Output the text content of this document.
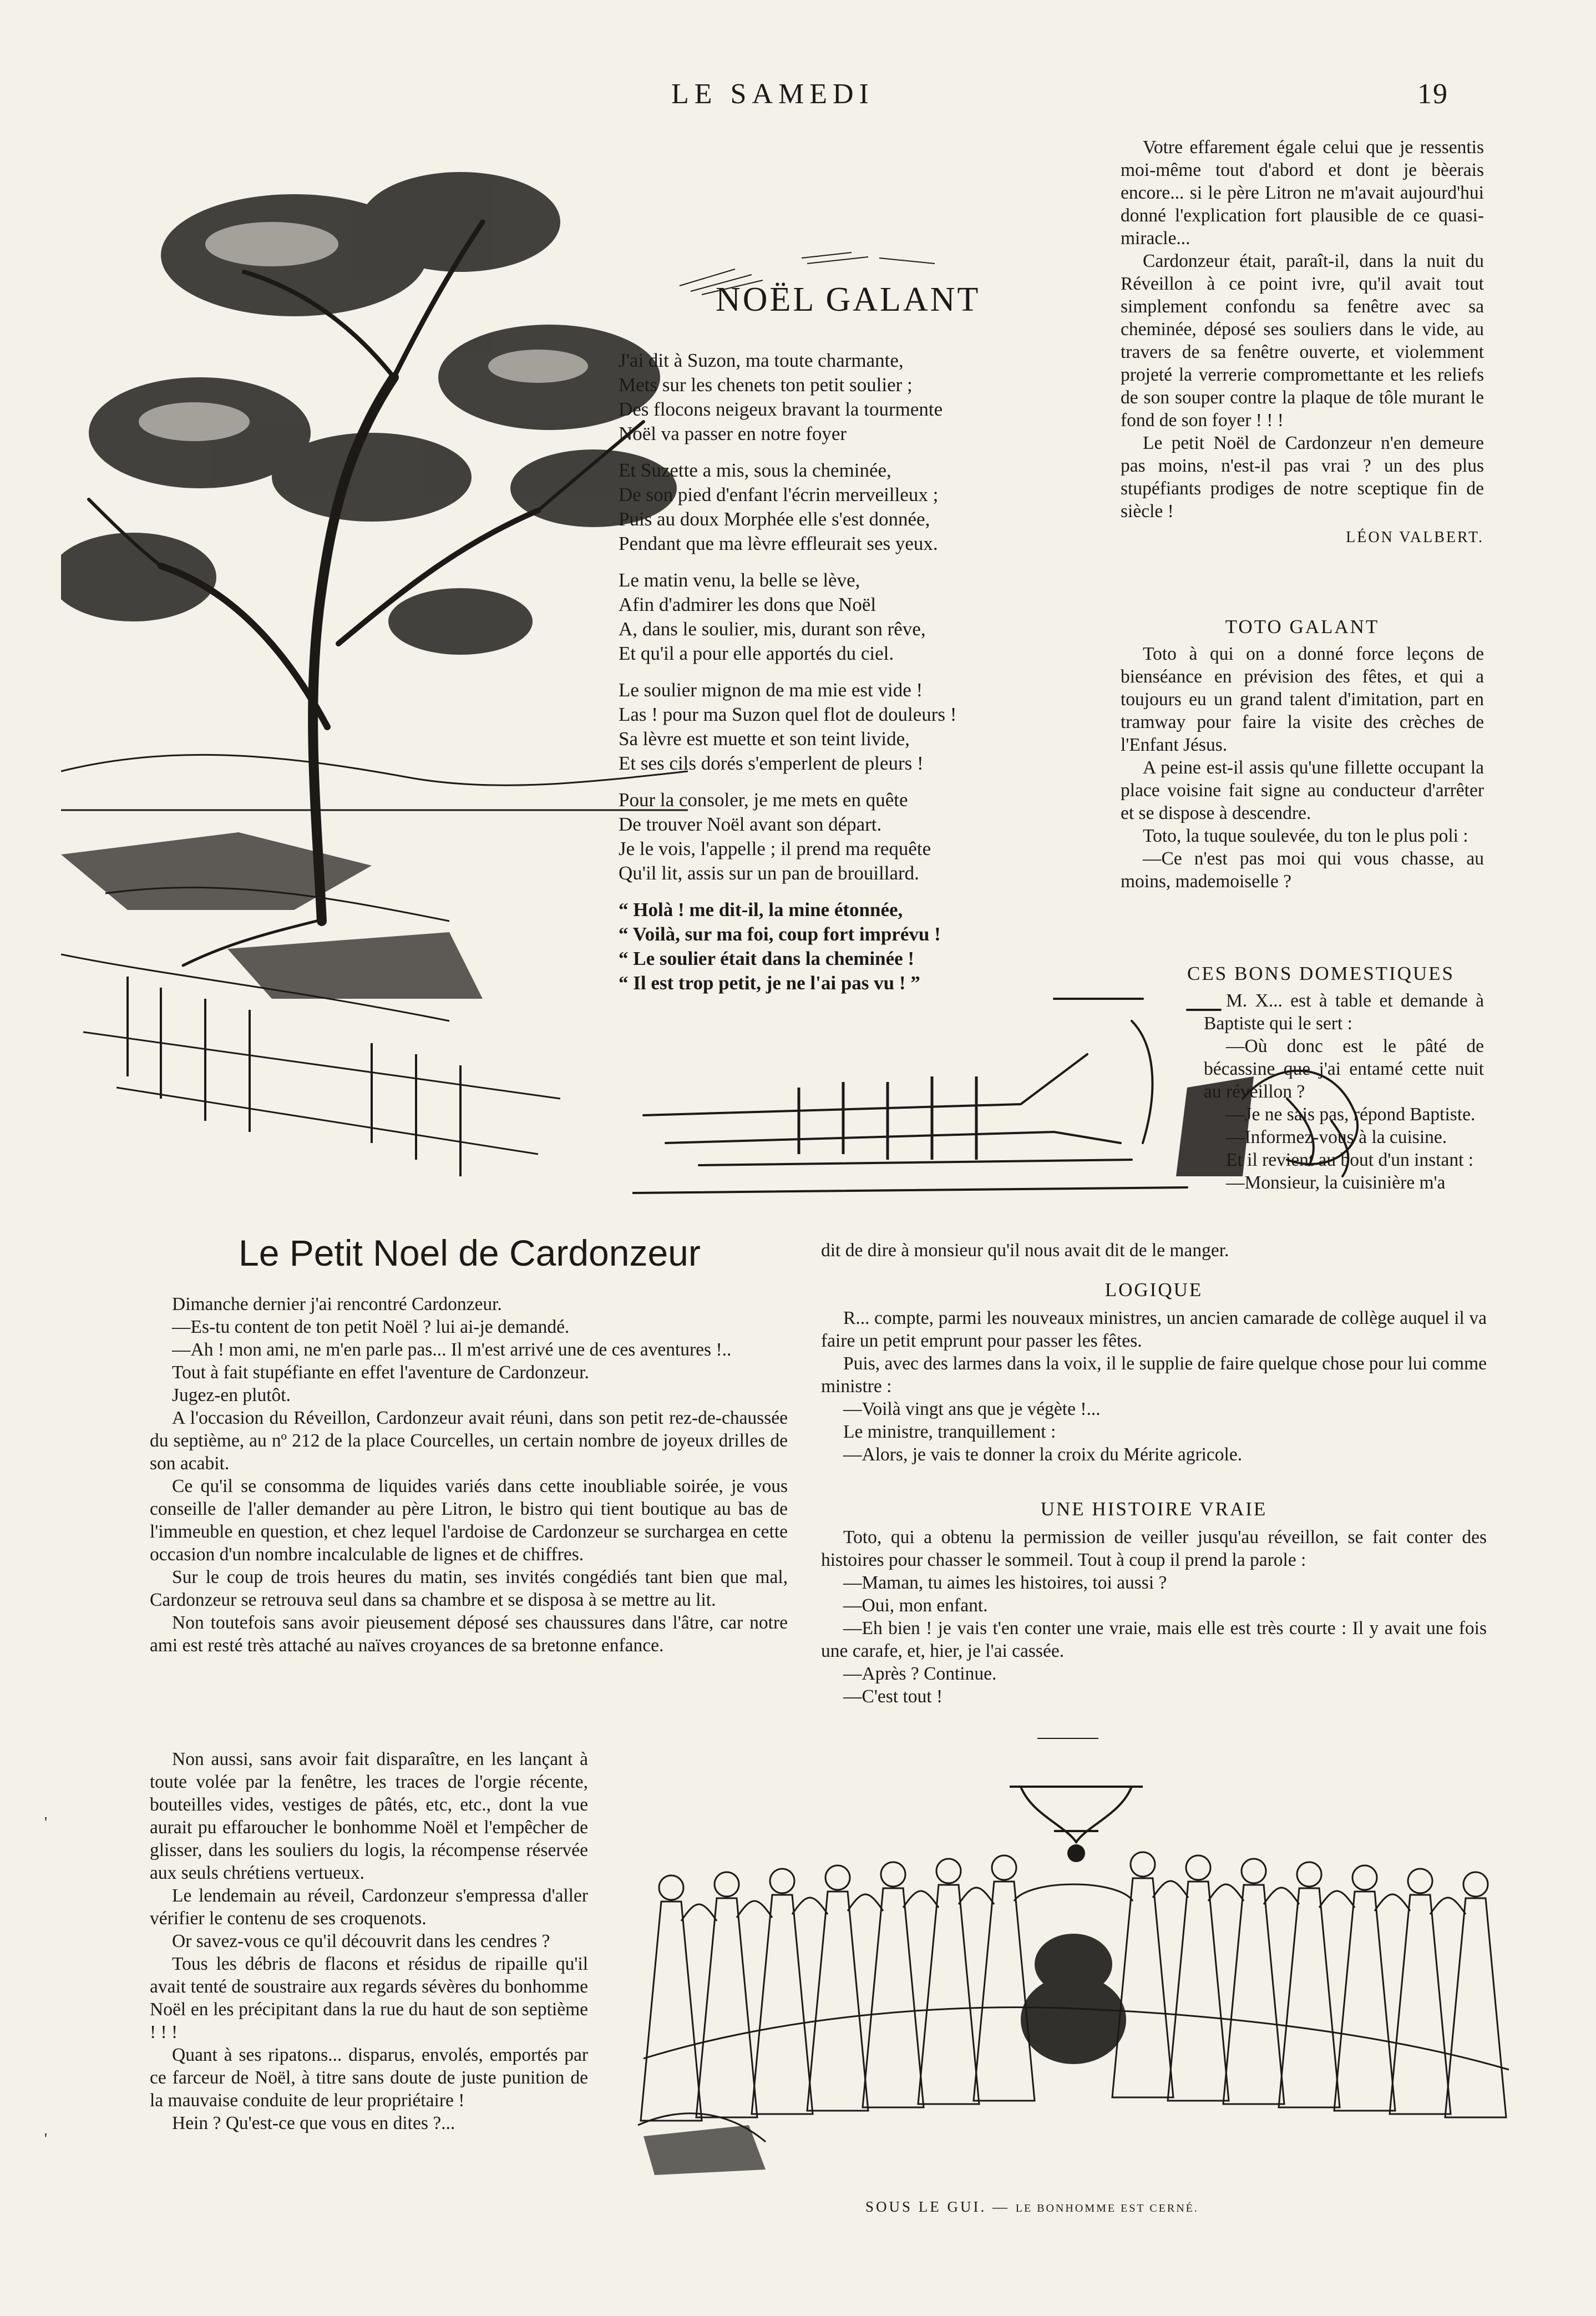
LE SAMEDI	19
NOËL GALANT

J'ai dit à Suzon, ma toute charmante,
Mets sur les chenets ton petit soulier ;
Des flocons neigeux bravant la tourmente
Noël va passer en notre foyer

Et Suzette a mis, sous la cheminée,
De son pied d'enfant l'écrin merveilleux ;
Puis au doux Morphée elle s'est donnée,
Pendant que ma lèvre effleurait ses yeux.

Le matin venu, la belle se lève,
Afin d'admirer les dons que Noël
A, dans le soulier, mis, durant son rêve,
Et qu'il a pour elle apportés du ciel.

Le soulier mignon de ma mie est vide !
Las ! pour ma Suzon quel flot de douleurs !
Sa lèvre est muette et son teint livide,
Et ses cils dorés s'emperlent de pleurs !

Pour la consoler, je me mets en quête
De trouver Noël avant son départ.
Je le vois, l'appelle ; il prend ma requête
Qu'il lit, assis sur un pan de brouillard.

“ Holà ! me dit-il, la mine étonnée,
“ Voilà, sur ma foi, coup fort imprévu !
“ Le soulier était dans la cheminée !
“ Il est trop petit, je ne l'ai pas vu ! ”

Votre effarement égale celui que je ressentis moi-même tout d'abord et dont je bèerais encore... si le père Litron ne m'avait aujourd'hui donné l'explication fort plausible de ce quasi-miracle...

Cardonzeur était, paraît-il, dans la nuit du Réveillon à ce point ivre, qu'il avait tout simplement confondu sa fenêtre avec sa cheminée, déposé ses souliers dans le vide, au travers de sa fenêtre ouverte, et violemment projeté la verrerie compromettante et les reliefs de son souper contre la plaque de tôle murant le fond de son foyer ! ! !

Le petit Noël de Cardonzeur n'en demeure pas moins, n'est-il pas vrai ? un des plus stupéfiants prodiges de notre sceptique fin de siècle !

LÉON VALBERT.
TOTO GALANT

Toto à qui on a donné force leçons de bienséance en prévision des fêtes, et qui a toujours eu un grand talent d'imitation, part en tramway pour faire la visite des crèches de l'Enfant Jésus.

A peine est-il assis qu'une fillette occupant la place voisine fait signe au conducteur d'arrêter et se dispose à descendre.

Toto, la tuque soulevée, du ton le plus poli :

—Ce n'est pas moi qui vous chasse, au moins, mademoiselle ?

CES BONS DOMESTIQUES

M. X... est à table et demande à Baptiste qui le sert :

—Où donc est le pâté de bécassine que j'ai entamé cette nuit au réveillon ?

—Je ne sais pas, répond Baptiste.

—Informez-vous à la cuisine.

Et il revient au bout d'un instant :

—Monsieur, la cuisinière m'a

dit de dire à monsieur qu'il nous avait dit de le manger.
Le Petit Noel de Cardonzeur

Dimanche dernier j'ai rencontré Cardonzeur.

—Es-tu content de ton petit Noël ? lui ai-je demandé.

—Ah ! mon ami, ne m'en parle pas... Il m'est arrivé une de ces aventures !..

Tout à fait stupéfiante en effet l'aventure de Cardonzeur.

Jugez-en plutôt.

A l'occasion du Réveillon, Cardonzeur avait réuni, dans son petit rez-de-chaussée du septième, au nº 212 de la place Courcelles, un certain nombre de joyeux drilles de son acabit.

Ce qu'il se consomma de liquides variés dans cette inoubliable soirée, je vous conseille de l'aller demander au père Litron, le bistro qui tient boutique au bas de l'immeuble en question, et chez lequel l'ardoise de Cardonzeur se surchargea en cette occasion d'un nombre incalculable de lignes et de chiffres.

Sur le coup de trois heures du matin, ses invités congédiés tant bien que mal, Cardonzeur se retrouva seul dans sa chambre et se disposa à se mettre au lit.

Non toutefois sans avoir pieusement déposé ses chaussures dans l'âtre, car notre ami est resté très attaché au naïves croyances de sa bretonne enfance.

Non aussi, sans avoir fait disparaître, en les lançant à toute volée par la fenêtre, les traces de l'orgie récente, bouteilles vides, vestiges de pâtés, etc, etc., dont la vue aurait pu effaroucher le bonhomme Noël et l'empêcher de glisser, dans les souliers du logis, la récompense réservée aux seuls chrétiens vertueux.

Le lendemain au réveil, Cardonzeur s'empressa d'aller vérifier le contenu de ses croquenots.

Or savez-vous ce qu'il découvrit dans les cendres ?

Tous les débris de flacons et résidus de ripaille qu'il avait tenté de soustraire aux regards sévères du bonhomme Noël en les précipitant dans la rue du haut de son septième ! ! !

Quant à ses ripatons... disparus, envolés, emportés par ce farceur de Noël, à titre sans doute de juste punition de la mauvaise conduite de leur propriétaire !

Hein ? Qu'est-ce que vous en dites ?...

LOGIQUE

R... compte, parmi les nouveaux ministres, un ancien camarade de collège auquel il va faire un petit emprunt pour passer les fêtes.

Puis, avec des larmes dans la voix, il le supplie de faire quelque chose pour lui comme ministre :

—Voilà vingt ans que je végète !...

Le ministre, tranquillement :

—Alors, je vais te donner la croix du Mérite agricole.

UNE HISTOIRE VRAIE

Toto, qui a obtenu la permission de veiller jusqu'au réveillon, se fait conter des histoires pour chasser le sommeil. Tout à coup il prend la parole :

—Maman, tu aimes les histoires, toi aussi ?

—Oui, mon enfant.

—Eh bien ! je vais t'en conter une vraie, mais elle est très courte : Il y avait une fois une carafe, et, hier, je l'ai cassée.

—Après ? Continue.

—C'est tout !

SOUS LE GUI. — LE BONHOMME EST CERNÉ.
'
'
